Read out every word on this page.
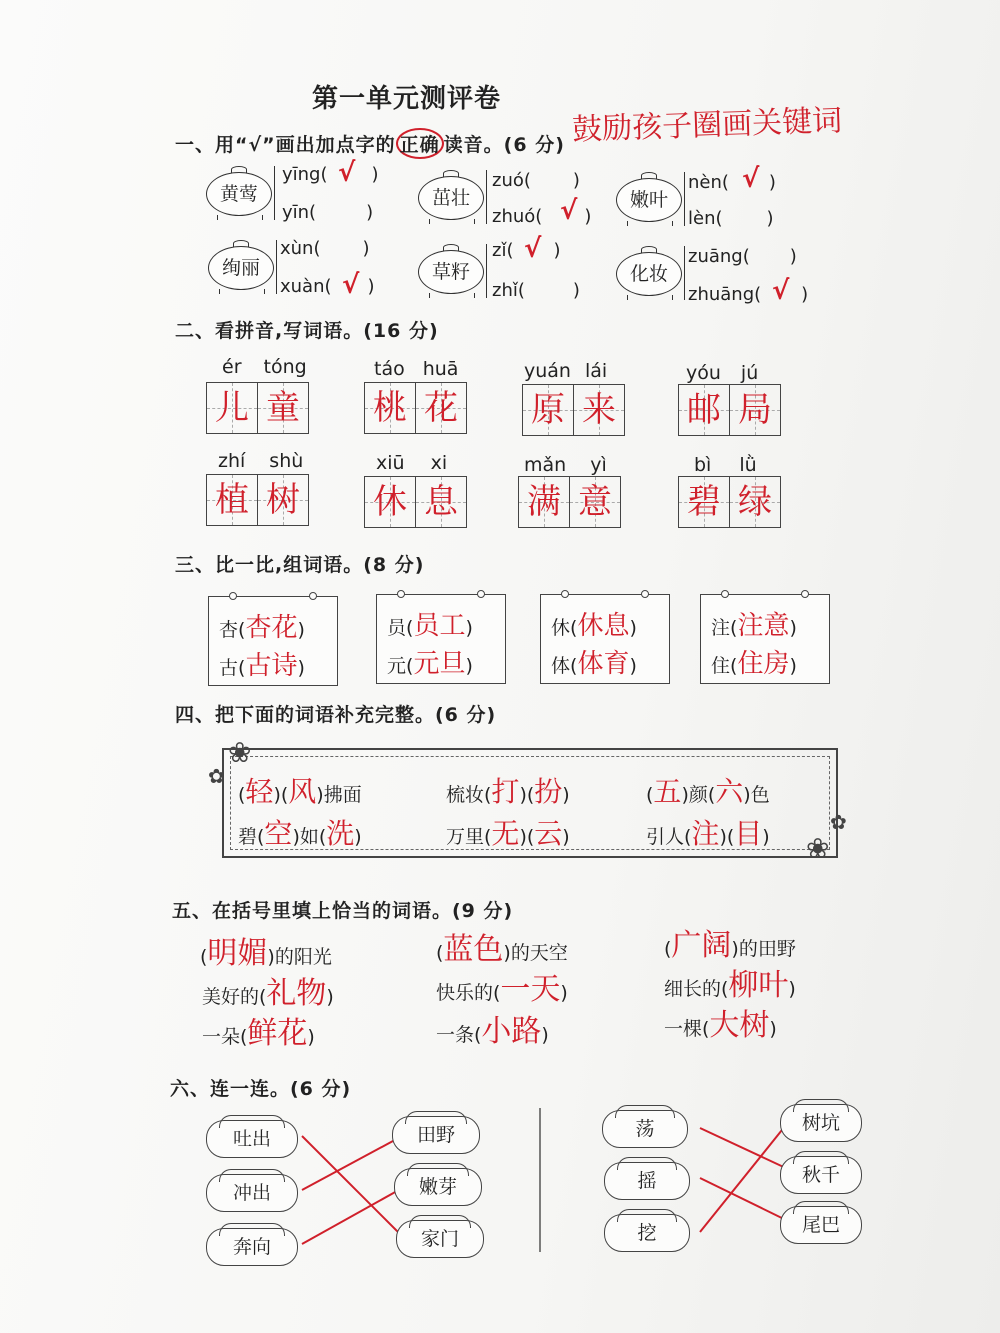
第一单元测评卷
鼓励孩子圈画关键词
一、用“√”画出加点字的 正确 读音。(6 分)
黄莺
yīng( )
√
yīn(	)
茁壮
zuó( )
zhuó( )
√	嫩叶
nèn( )
√
lèn( )
绚丽
xùn( )
xuàn( )
√	草籽
zǐ( )
√
zhǐ(	)
化妆
zuāng( )
zhuāng( )
√
二、看拼音,写词语。(16 分)
ér tóng
儿 童
táo huā
桃 花
yuán lái
原 来
yóu jú
邮 局
zhí shù
植 树
xiū xi
休 息
mǎn yì
满 意
bì lǜ
碧 绿
三、比一比,组词语。(8 分)
杏(杏花)
古(古诗)
员(员工)
元(元旦)
休(休息)
体(体育)
注(注意)
住(住房)
四、把下面的词语补充完整。(6 分)
❀
✿
❀
✿
(轻)(风)拂面	梳妆(打)(扮)	(五)颜(六)色
碧(空)如(洗)	万里(无)(云)	引人(注)(目)
五、在括号里填上恰当的词语。(9 分)
(明媚)的阳光	(蓝色)的天空	(广阔)的田野
美好的(礼物)	快乐的(一天)	细长的(柳叶)
一朵(鲜花)	一条(小路)	一棵(大树)
六、连一连。(6 分)
吐出
冲出
奔向
田野
嫩芽
家门
荡
摇
挖
树坑
秋千
尾巴
